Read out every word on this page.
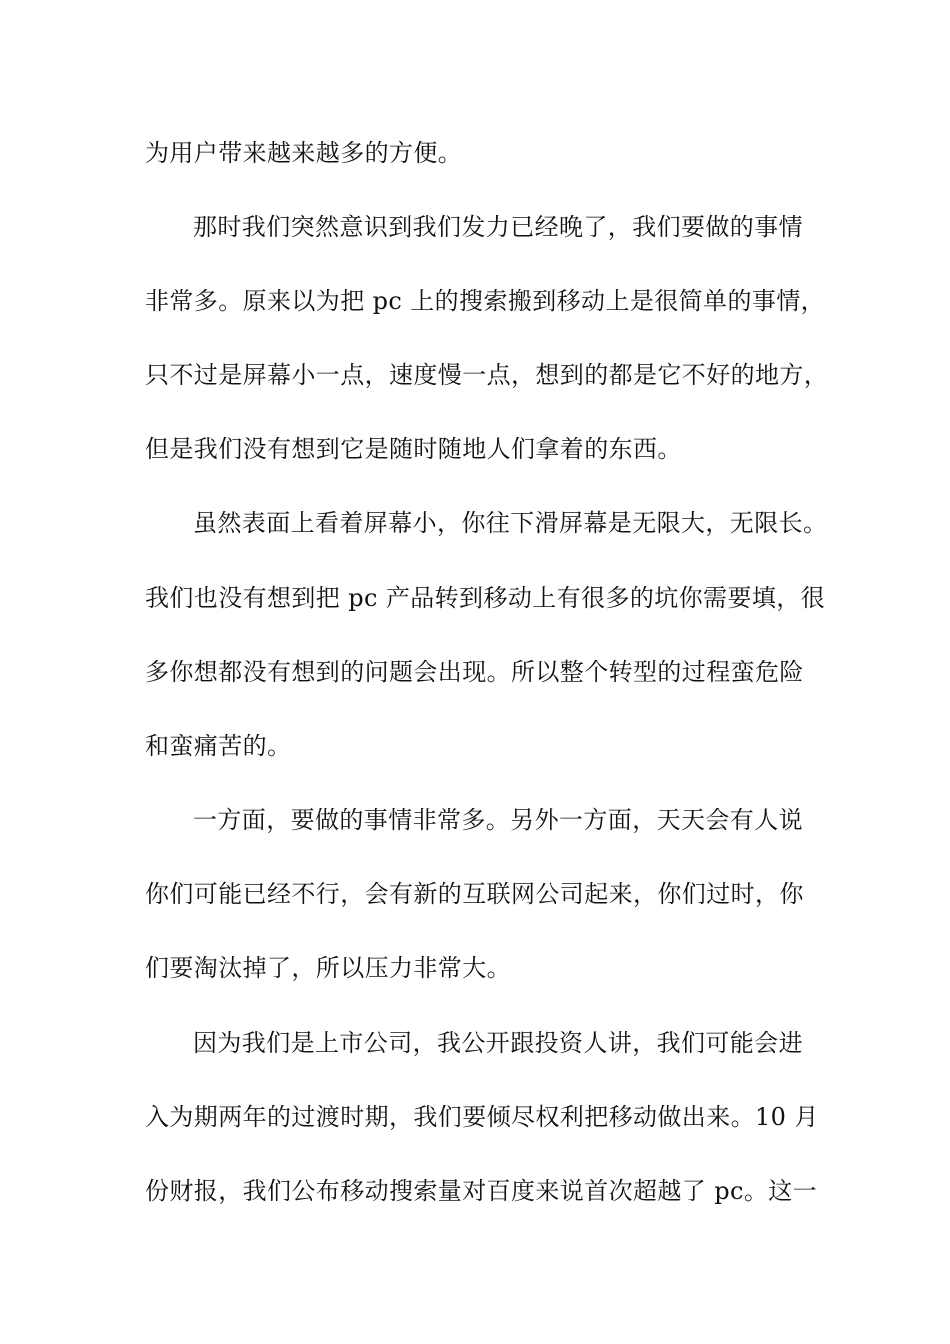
为用户带来越来越多的方便。
那时我们突然意识到我们发力已经晚了，我们要做的事情
非常多。原来以为把 pc 上的搜索搬到移动上是很简单的事情，
只不过是屏幕小一点，速度慢一点，想到的都是它不好的地方，
但是我们没有想到它是随时随地人们拿着的东西。
虽然表面上看着屏幕小，你往下滑屏幕是无限大，无限长。
我们也没有想到把 pc 产品转到移动上有很多的坑你需要填，很
多你想都没有想到的问题会出现。所以整个转型的过程蛮危险
和蛮痛苦的。
一方面，要做的事情非常多。另外一方面，天天会有人说
你们可能已经不行，会有新的互联网公司起来，你们过时，你
们要淘汰掉了，所以压力非常大。
因为我们是上市公司，我公开跟投资人讲，我们可能会进
入为期两年的过渡时期，我们要倾尽权利把移动做出来。10 月
份财报，我们公布移动搜索量对百度来说首次超越了 pc。这一
